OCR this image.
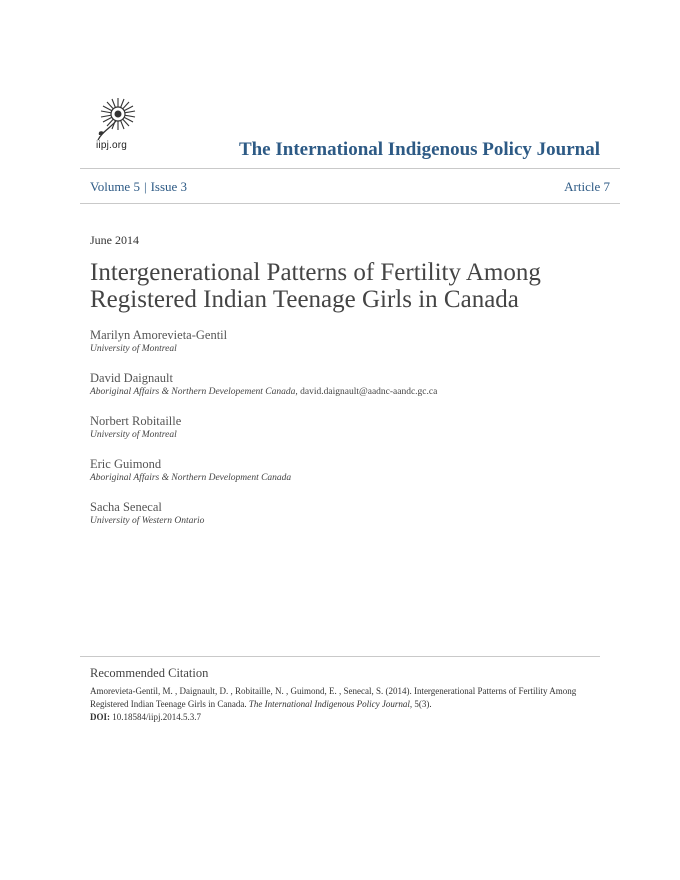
iipj.org	The International Indigenous Policy Journal
Volume 5 | Issue 3	Article 7
June 2014
Intergenerational Patterns of Fertility Among Registered Indian Teenage Girls in Canada
Marilyn Amorevieta-Gentil
University of Montreal
David Daignault
Aboriginal Affairs & Northern Developement Canada, david.daignault@aadnc-aandc.gc.ca
Norbert Robitaille
University of Montreal
Eric Guimond
Aboriginal Affairs & Northern Development Canada
Sacha Senecal
University of Western Ontario
Recommended Citation
Amorevieta-Gentil, M. , Daignault, D. , Robitaille, N. , Guimond, E. , Senecal, S. (2014). Intergenerational Patterns of Fertility Among Registered Indian Teenage Girls in Canada. The International Indigenous Policy Journal, 5(3).
DOI: 10.18584/iipj.2014.5.3.7
